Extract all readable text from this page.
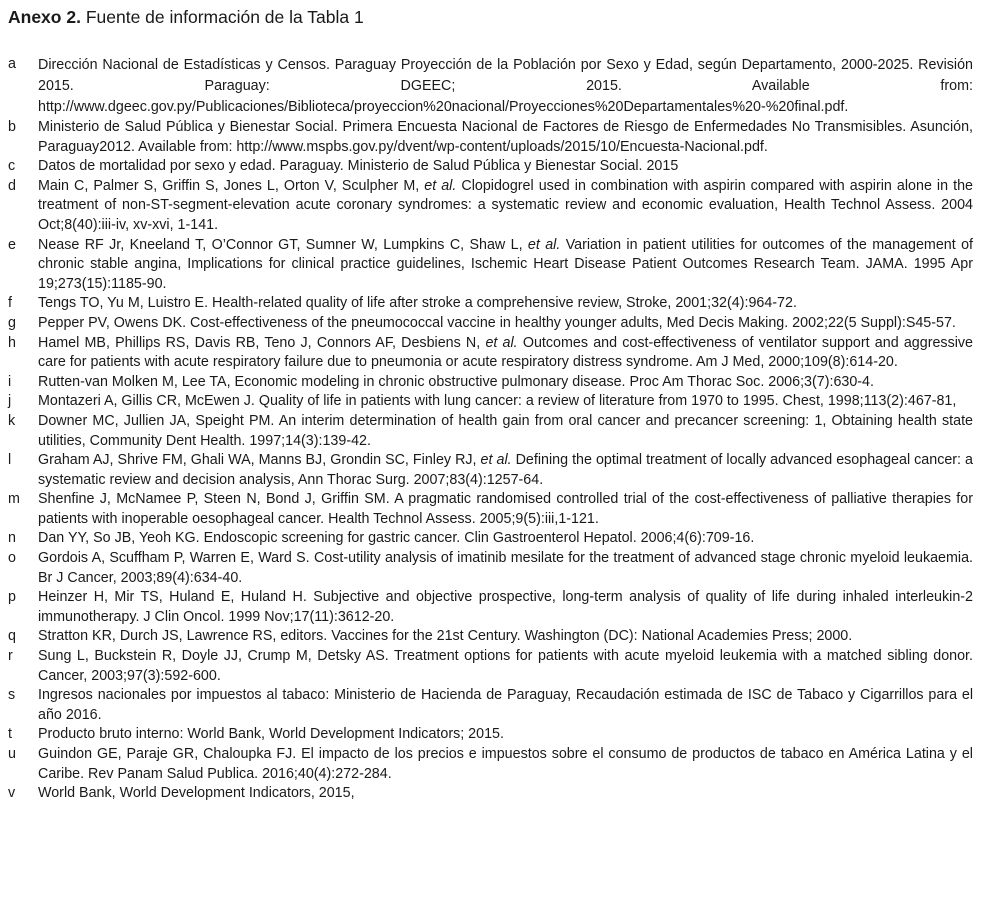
Anexo 2. Fuente de información de la Tabla 1
a	Dirección Nacional de Estadísticas y Censos. Paraguay Proyección de la Población por Sexo y Edad, según Departamento, 2000-2025. Revisión 2015. Paraguay: DGEEC; 2015. Available from: http://www.dgeec.gov.py/Publicaciones/Biblioteca/proyeccion%20nacional/Proyecciones%20Departamentales%20-%20final.pdf.
b	Ministerio de Salud Pública y Bienestar Social. Primera Encuesta Nacional de Factores de Riesgo de Enfermedades No Transmisibles. Asunción, Paraguay2012. Available from: http://www.mspbs.gov.py/dvent/wp-content/uploads/2015/10/Encuesta-Nacional.pdf.
c	Datos de mortalidad por sexo y edad. Paraguay. Ministerio de Salud Pública y Bienestar Social. 2015
d	Main C, Palmer S, Griffin S, Jones L, Orton V, Sculpher M, et al. Clopidogrel used in combination with aspirin compared with aspirin alone in the treatment of non-ST-segment-elevation acute coronary syndromes: a systematic review and economic evaluation, Health Technol Assess. 2004 Oct;8(40):iii-iv, xv-xvi, 1-141.
e	Nease RF Jr, Kneeland T, O’Connor GT, Sumner W, Lumpkins C, Shaw L, et al. Variation in patient utilities for outcomes of the management of chronic stable angina, Implications for clinical practice guidelines, Ischemic Heart Disease Patient Outcomes Research Team. JAMA. 1995 Apr 19;273(15):1185-90.
f	Tengs TO, Yu M, Luistro E. Health-related quality of life after stroke a comprehensive review, Stroke, 2001;32(4):964-72.
g	Pepper PV, Owens DK. Cost-effectiveness of the pneumococcal vaccine in healthy younger adults, Med Decis Making. 2002;22(5 Suppl):S45-57.
h	Hamel MB, Phillips RS, Davis RB, Teno J, Connors AF, Desbiens N, et al. Outcomes and cost-effectiveness of ventilator support and aggressive care for patients with acute respiratory failure due to pneumonia or acute respiratory distress syndrome. Am J Med, 2000;109(8):614-20.
i	Rutten-van Molken M, Lee TA, Economic modeling in chronic obstructive pulmonary disease. Proc Am Thorac Soc. 2006;3(7):630-4.
j	Montazeri A, Gillis CR, McEwen J. Quality of life in patients with lung cancer: a review of literature from 1970 to 1995. Chest, 1998;113(2):467-81,
k	Downer MC, Jullien JA, Speight PM. An interim determination of health gain from oral cancer and precancer screening: 1, Obtaining health state utilities, Community Dent Health. 1997;14(3):139-42.
l	Graham AJ, Shrive FM, Ghali WA, Manns BJ, Grondin SC, Finley RJ, et al. Defining the optimal treatment of locally advanced esophageal cancer: a systematic review and decision analysis, Ann Thorac Surg. 2007;83(4):1257-64.
m	Shenfine J, McNamee P, Steen N, Bond J, Griffin SM. A pragmatic randomised controlled trial of the cost-effectiveness of palliative therapies for patients with inoperable oesophageal cancer. Health Technol Assess. 2005;9(5):iii,1-121.
n	Dan YY, So JB, Yeoh KG. Endoscopic screening for gastric cancer. Clin Gastroenterol Hepatol. 2006;4(6):709-16.
o	Gordois A, Scuffham P, Warren E, Ward S. Cost-utility analysis of imatinib mesilate for the treatment of advanced stage chronic myeloid leukaemia. Br J Cancer, 2003;89(4):634-40.
p	Heinzer H, Mir TS, Huland E, Huland H. Subjective and objective prospective, long-term analysis of quality of life during inhaled interleukin-2 immunotherapy. J Clin Oncol. 1999 Nov;17(11):3612-20.
q	Stratton KR, Durch JS, Lawrence RS, editors. Vaccines for the 21st Century. Washington (DC): National Academies Press; 2000.
r	Sung L, Buckstein R, Doyle JJ, Crump M, Detsky AS. Treatment options for patients with acute myeloid leukemia with a matched sibling donor. Cancer, 2003;97(3):592-600.
s	Ingresos nacionales por impuestos al tabaco: Ministerio de Hacienda de Paraguay, Recaudación estimada de ISC de Tabaco y Cigarrillos para el año 2016.
t	Producto bruto interno: World Bank, World Development Indicators; 2015.
u	Guindon GE, Paraje GR, Chaloupka FJ. El impacto de los precios e impuestos sobre el consumo de productos de tabaco en América Latina y el Caribe. Rev Panam Salud Publica. 2016;40(4):272-284.
v	World Bank, World Development Indicators, 2015,
